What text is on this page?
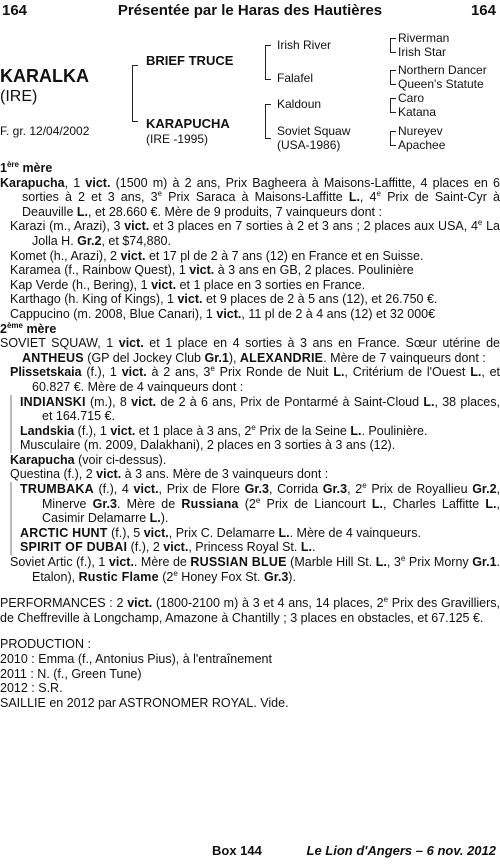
164	Présentée par le Haras des Hautières	164
KARALKA
(IRE)
F. gr. 12/04/2002
BRIEF TRUCE
KARAPUCHA
(IRE -1995)
Irish River
Falafel
Kaldoun
Soviet Squaw
(USA-1986)
Riverman
Irish Star
Northern Dancer
Queen's Statute
Caro
Katana
Nureyev
Apachee

1ère mère

Karapucha, 1 vict. (1500 m) à 2 ans, Prix Bagheera à Maisons-Laffitte, 4 places en 6 sorties à 2 et 3 ans, 3e Prix Saraca à Maisons-Laffitte L., 4e Prix de Saint-Cyr à Deauville L., et 28.660 €. Mère de 9 produits, 7 vainqueurs dont :

Karazi (m., Arazi), 3 vict. et 3 places en 7 sorties à 2 et 3 ans ; 2 places aux USA, 4e La Jolla H. Gr.2, et $74,880.

Komet (h., Arazi), 2 vict. et 17 pl de 2 à 7 ans (12) en France et en Suisse.

Karamea (f., Rainbow Quest), 1 vict. à 3 ans en GB, 2 places. Poulinière

Kap Verde (h., Bering), 1 vict. et 1 place en 3 sorties en France.

Karthago (h. King of Kings), 1 vict. et 9 places de 2 à 5 ans (12), et 26.750 €.

Cappucino (m. 2008, Blue Canari), 1 vict., 11 pl de 2 à 4 ans (12) et 32 000€

2ème mère

SOVIET SQUAW, 1 vict. et 1 place en 4 sorties à 3 ans en France. Sœur utérine de ANTHEUS (GP del Jockey Club Gr.1), ALEXANDRIE. Mère de 7 vainqueurs dont :

Plissetskaia (f.), 1 vict. à 2 ans, 3e Prix Ronde de Nuit L., Critérium de l'Ouest L., et 60.827 €. Mère de 4 vainqueurs dont :

INDIANSKI (m.), 8 vict. de 2 à 6 ans, Prix de Pontarmé à Saint-Cloud L., 38 places, et 164.715 €.

Landskia (f.), 1 vict. et 1 place à 3 ans, 2e Prix de la Seine L.. Poulinière.

Musculaire (m. 2009, Dalakhani), 2 places en 3 sorties à 3 ans (12).

Karapucha (voir ci-dessus).

Questina (f.), 2 vict. à 3 ans. Mère de 3 vainqueurs dont :

TRUMBAKA (f.), 4 vict., Prix de Flore Gr.3, Corrida Gr.3, 2e Prix de Royallieu Gr.2, Minerve Gr.3. Mère de Russiana (2e Prix de Liancourt L., Charles Laffitte L., Casimir Delamarre L.).

ARCTIC HUNT (f.), 5 vict., Prix C. Delamarre L.. Mère de 4 vainqueurs.

SPIRIT OF DUBAI (f.), 2 vict., Princess Royal St. L..

Soviet Artic (f.), 1 vict.. Mère de RUSSIAN BLUE (Marble Hill St. L., 3e Prix Morny Gr.1. Etalon), Rustic Flame (2e Honey Fox St. Gr.3).

PERFORMANCES : 2 vict. (1800-2100 m) à 3 et 4 ans, 14 places, 2e Prix des Gravilliers, de Cheffreville à Longchamp, Amazone à Chantilly ; 3 places en obstacles, et 67.125 €.

PRODUCTION :

2010 : Emma (f., Antonius Pius), à l'entraînement

2011 : N. (f., Green Tune)

2012 : S.R.

SAILLIE en 2012 par ASTRONOMER ROYAL. Vide.

Box 144	Le Lion d'Angers – 6 nov. 2012
